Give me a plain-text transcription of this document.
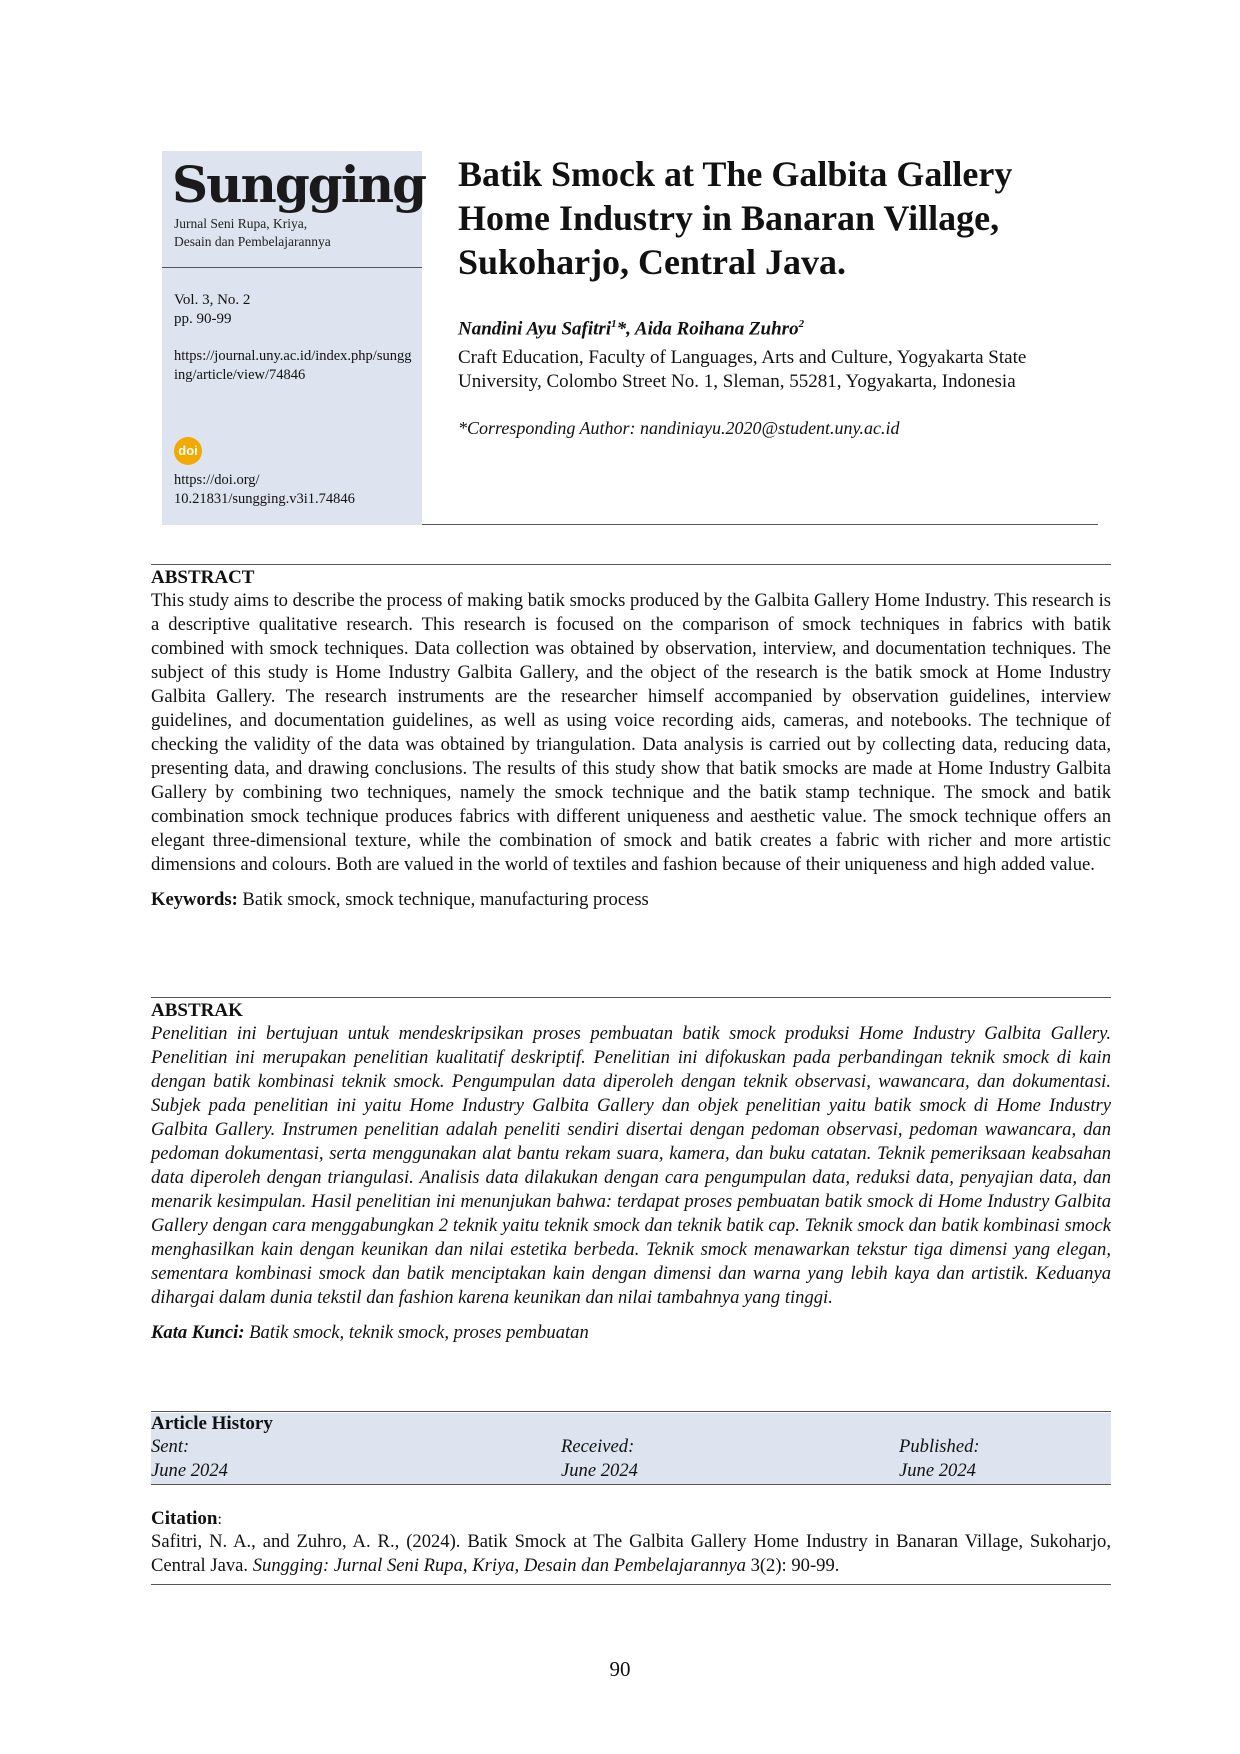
Sungging
Jurnal Seni Rupa, Kriya,
Desain dan Pembelajarannya
Vol. 3, No. 2
pp. 90-99
https://journal.uny.ac.id/index.php/sungging/article/view/74846
doi
https://doi.org/
10.21831/sungging.v3i1.74846
Batik Smock at The Galbita Gallery Home Industry in Banaran Village, Sukoharjo, Central Java.
Nandini Ayu Safitri$^1$*, Aida Roihana Zuhro$^2$
Craft Education, Faculty of Languages, Arts and Culture, Yogyakarta State University, Colombo Street No. 1, Sleman, 55281, Yogyakarta, Indonesia
*Corresponding Author: nandiniayu.2020@student.uny.ac.id
ABSTRACT
This study aims to describe the process of making batik smocks produced by the Galbita Gallery Home Industry. This research is a descriptive qualitative research. This research is focused on the comparison of smock techniques in fabrics with batik combined with smock techniques. Data collection was obtained by observation, interview, and documentation techniques. The subject of this study is Home Industry Galbita Gallery, and the object of the research is the batik smock at Home Industry Galbita Gallery. The research instruments are the researcher himself accompanied by observation guidelines, interview guidelines, and documentation guidelines, as well as using voice recording aids, cameras, and notebooks. The technique of checking the validity of the data was obtained by triangulation. Data analysis is carried out by collecting data, reducing data, presenting data, and drawing conclusions. The results of this study show that batik smocks are made at Home Industry Galbita Gallery by combining two techniques, namely the smock technique and the batik stamp technique. The smock and batik combination smock technique produces fabrics with different uniqueness and aesthetic value. The smock technique offers an elegant three-dimensional texture, while the combination of smock and batik creates a fabric with richer and more artistic dimensions and colours. Both are valued in the world of textiles and fashion because of their uniqueness and high added value.
Keywords: Batik smock, smock technique, manufacturing process
ABSTRAK
Penelitian ini bertujuan untuk mendeskripsikan proses pembuatan batik smock produksi Home Industry Galbita Gallery. Penelitian ini merupakan penelitian kualitatif deskriptif. Penelitian ini difokuskan pada perbandingan teknik smock di kain dengan batik kombinasi teknik smock. Pengumpulan data diperoleh dengan teknik observasi, wawancara, dan dokumentasi. Subjek pada penelitian ini yaitu Home Industry Galbita Gallery dan objek penelitian yaitu batik smock di Home Industry Galbita Gallery. Instrumen penelitian adalah peneliti sendiri disertai dengan pedoman observasi, pedoman wawancara, dan pedoman dokumentasi, serta menggunakan alat bantu rekam suara, kamera, dan buku catatan. Teknik pemeriksaan keabsahan data diperoleh dengan triangulasi. Analisis data dilakukan dengan cara pengumpulan data, reduksi data, penyajian data, dan menarik kesimpulan. Hasil penelitian ini menunjukan bahwa: terdapat proses pembuatan batik smock di Home Industry Galbita Gallery dengan cara menggabungkan 2 teknik yaitu teknik smock dan teknik batik cap. Teknik smock dan batik kombinasi smock menghasilkan kain dengan keunikan dan nilai estetika berbeda. Teknik smock menawarkan tekstur tiga dimensi yang elegan, sementara kombinasi smock dan batik menciptakan kain dengan dimensi dan warna yang lebih kaya dan artistik. Keduanya dihargai dalam dunia tekstil dan fashion karena keunikan dan nilai tambahnya yang tinggi.
Kata Kunci: Batik smock, teknik smock, proses pembuatan
Article History
Sent:
June 2024
Received:
June 2024
Published:
June 2024
Citation:
Safitri, N. A., and Zuhro, A. R., (2024). Batik Smock at The Galbita Gallery Home Industry in Banaran Village, Sukoharjo, Central Java. Sungging: Jurnal Seni Rupa, Kriya, Desain dan Pembelajarannya 3(2): 90-99.
90
